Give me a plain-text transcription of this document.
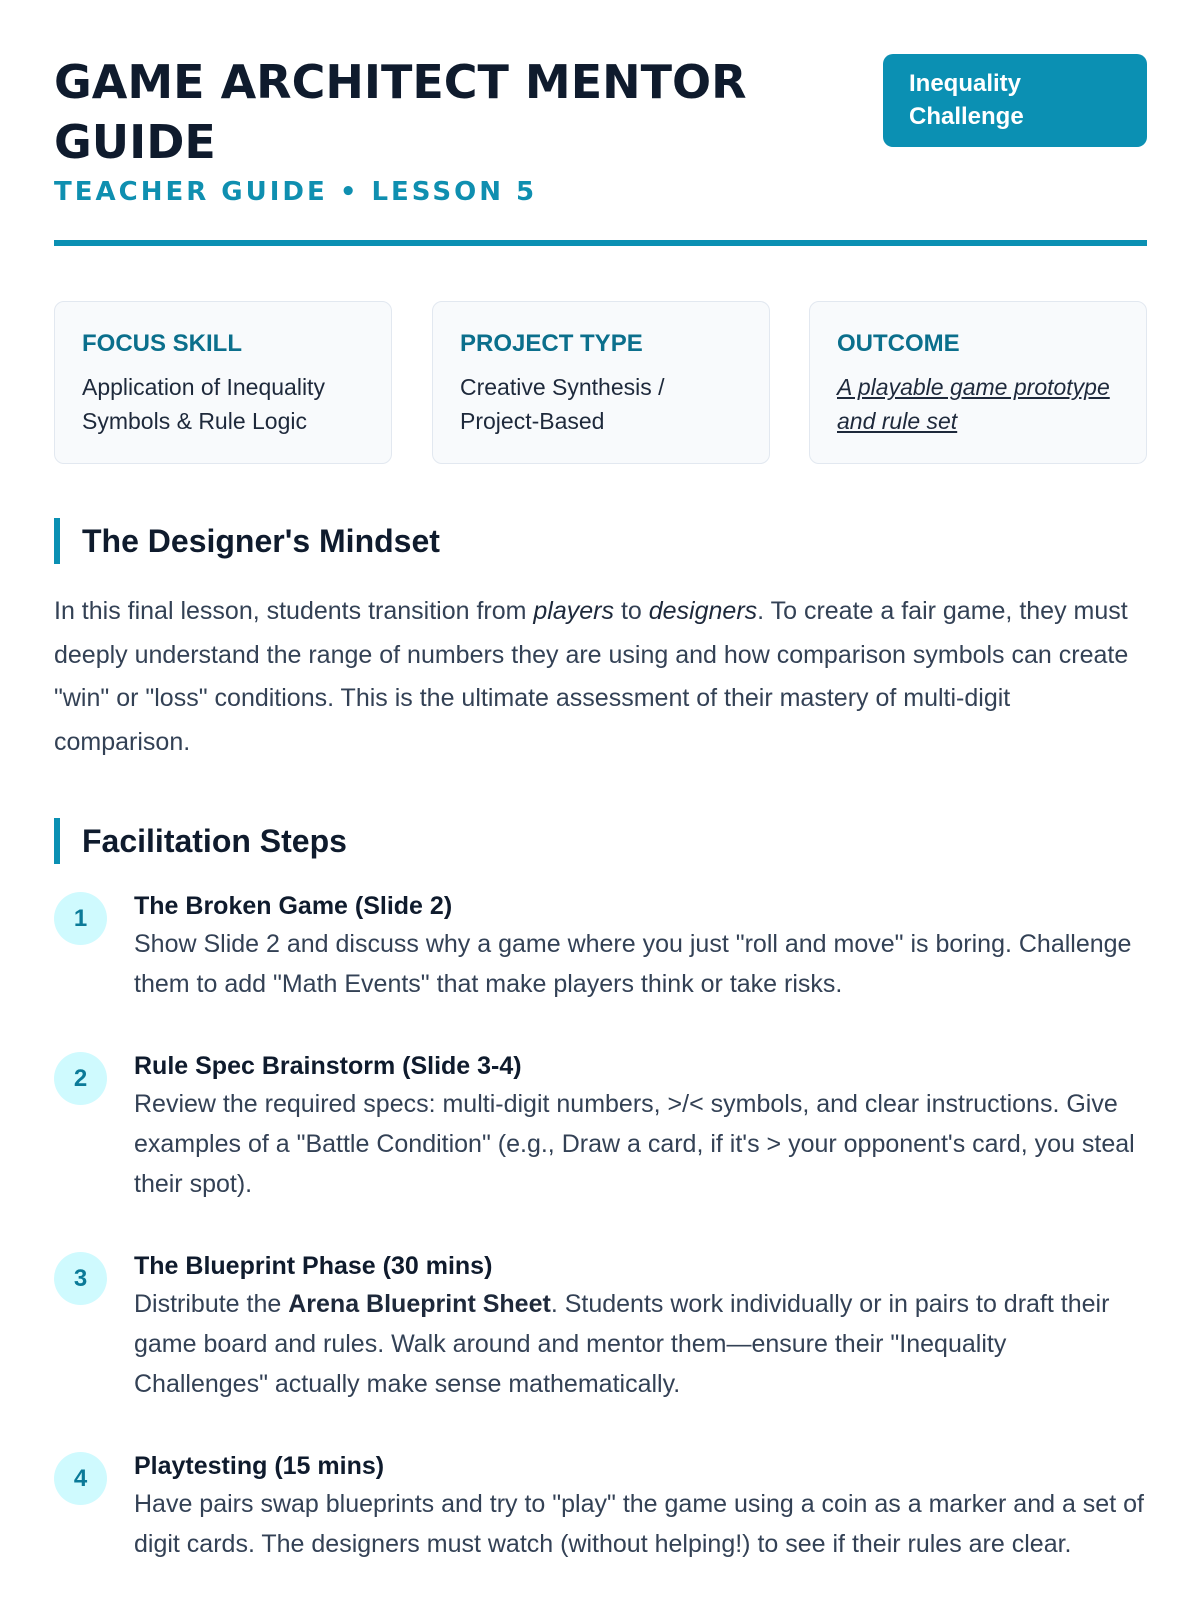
GAME ARCHITECT MENTOR GUIDE
TEACHER GUIDE • LESSON 5
Inequality Challenge
FOCUS SKILL
Application of Inequality Symbols & Rule Logic
PROJECT TYPE
Creative Synthesis / Project-Based
OUTCOME
A playable game prototype and rule set
The Designer's Mindset

In this final lesson, students transition from players to designers. To create a fair game, they must deeply understand the range of numbers they are using and how comparison symbols can create "win" or "loss" conditions. This is the ultimate assessment of their mastery of multi-digit comparison.

Facilitation Steps
1	The Broken Game (Slide 2)
Show Slide 2 and discuss why a game where you just "roll and move" is boring. Challenge them to add "Math Events" that make players think or take risks.
2	Rule Spec Brainstorm (Slide 3-4)
Review the required specs: multi-digit numbers, >/< symbols, and clear instructions. Give examples of a "Battle Condition" (e.g., Draw a card, if it's > your opponent's card, you steal their spot).
3	The Blueprint Phase (30 mins)
Distribute the Arena Blueprint Sheet. Students work individually or in pairs to draft their game board and rules. Walk around and mentor them—ensure their "Inequality Challenges" actually make sense mathematically.
4	Playtesting (15 mins)
Have pairs swap blueprints and try to "play" the game using a coin as a marker and a set of digit cards. The designers must watch (without helping!) to see if their rules are clear.
